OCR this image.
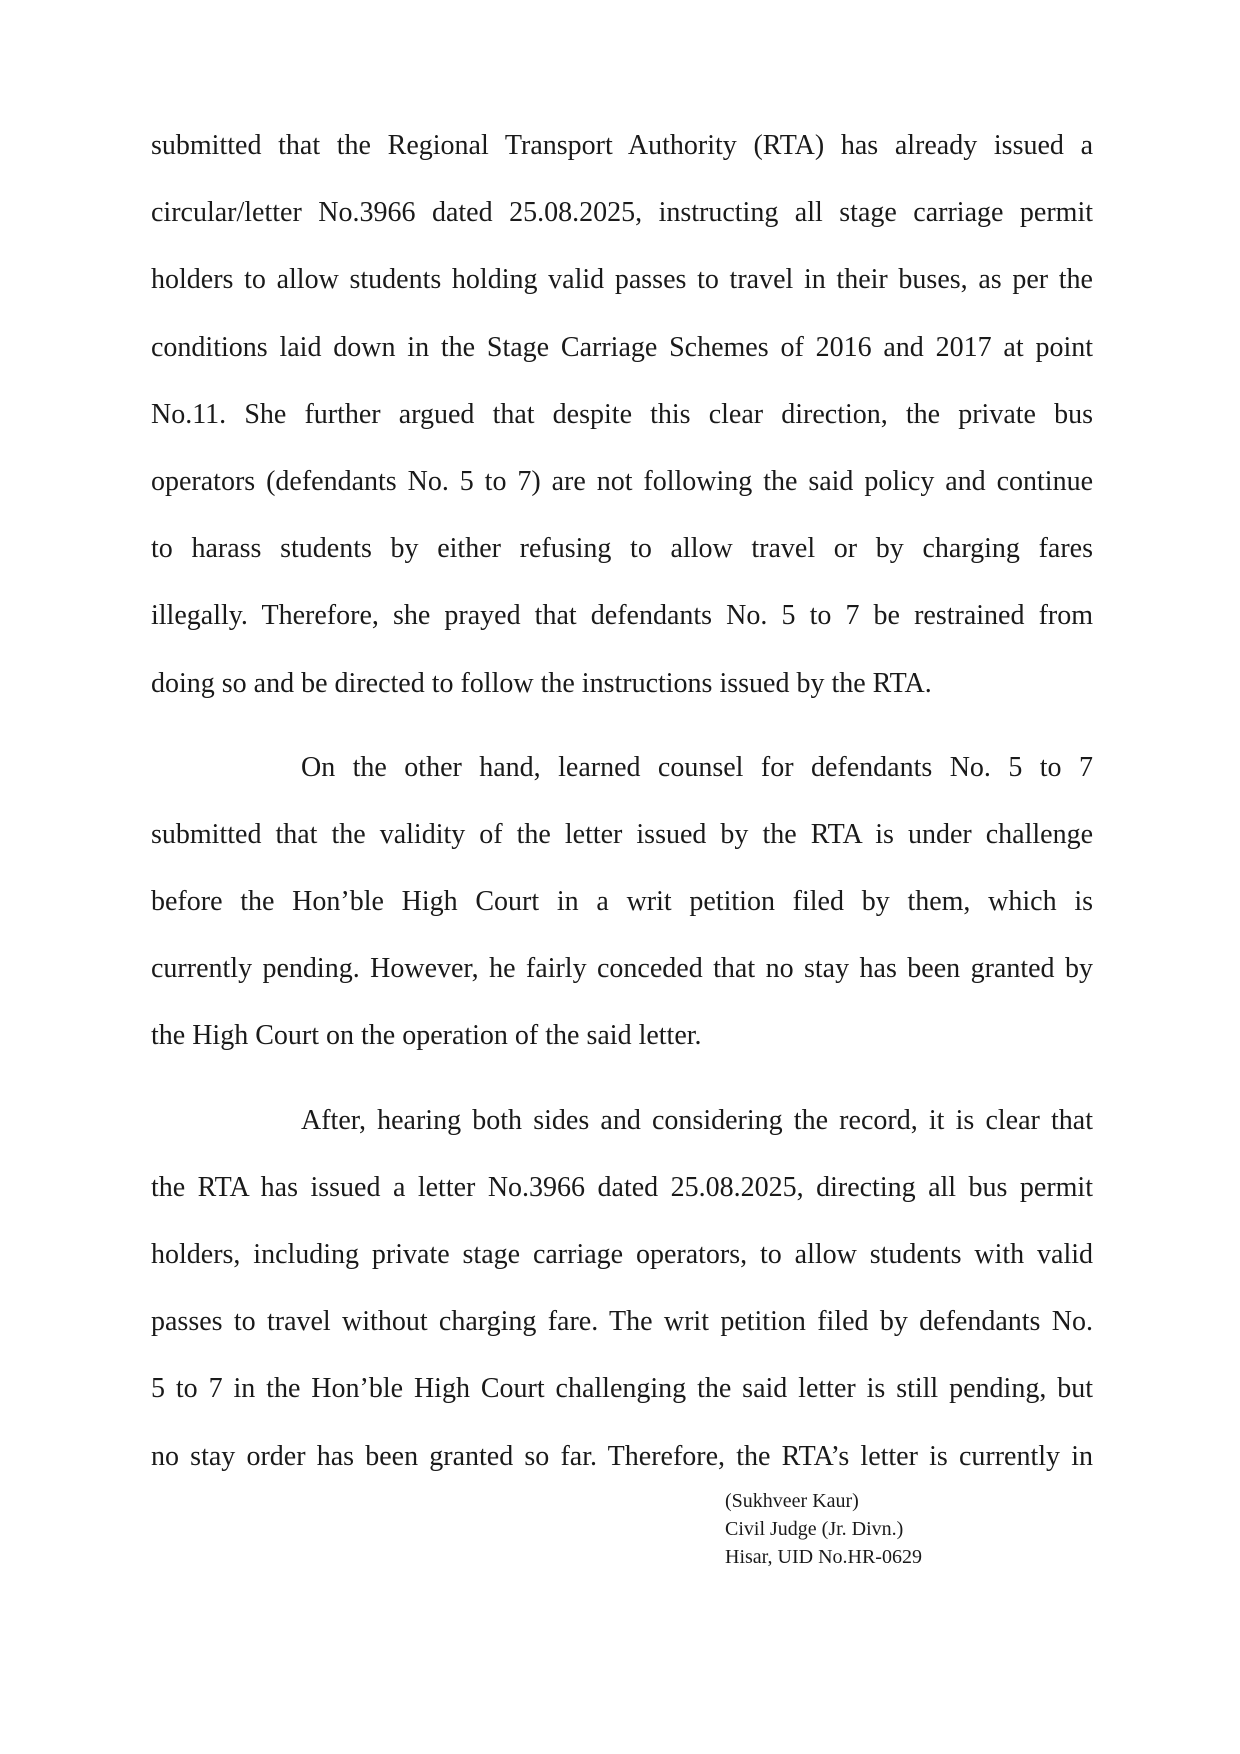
submitted that the Regional Transport Authority (RTA) has already issued a
circular/letter No.3966 dated 25.08.2025, instructing all stage carriage permit
holders to allow students holding valid passes to travel in their buses, as per the
conditions laid down in the Stage Carriage Schemes of 2016 and 2017 at point
No.11. She further argued that despite this clear direction, the private bus
operators (defendants No. 5 to 7) are not following the said policy and continue
to harass students by either refusing to allow travel or by charging fares
illegally. Therefore, she prayed that defendants No. 5 to 7 be restrained from
doing so and be directed to follow the instructions issued by the RTA.
On the other hand, learned counsel for defendants No. 5 to 7
submitted that the validity of the letter issued by the RTA is under challenge
before the Hon’ble High Court in a writ petition filed by them, which is
currently pending. However, he fairly conceded that no stay has been granted by
the High Court on the operation of the said letter.
After, hearing both sides and considering the record, it is clear that
the RTA has issued a letter No.3966 dated 25.08.2025, directing all bus permit
holders, including private stage carriage operators, to allow students with valid
passes to travel without charging fare. The writ petition filed by defendants No.
5 to 7 in the Hon’ble High Court challenging the said letter is still pending, but
no stay order has been granted so far. Therefore, the RTA’s letter is currently in
(Sukhveer Kaur)
Civil Judge (Jr. Divn.)
Hisar, UID No.HR-0629
